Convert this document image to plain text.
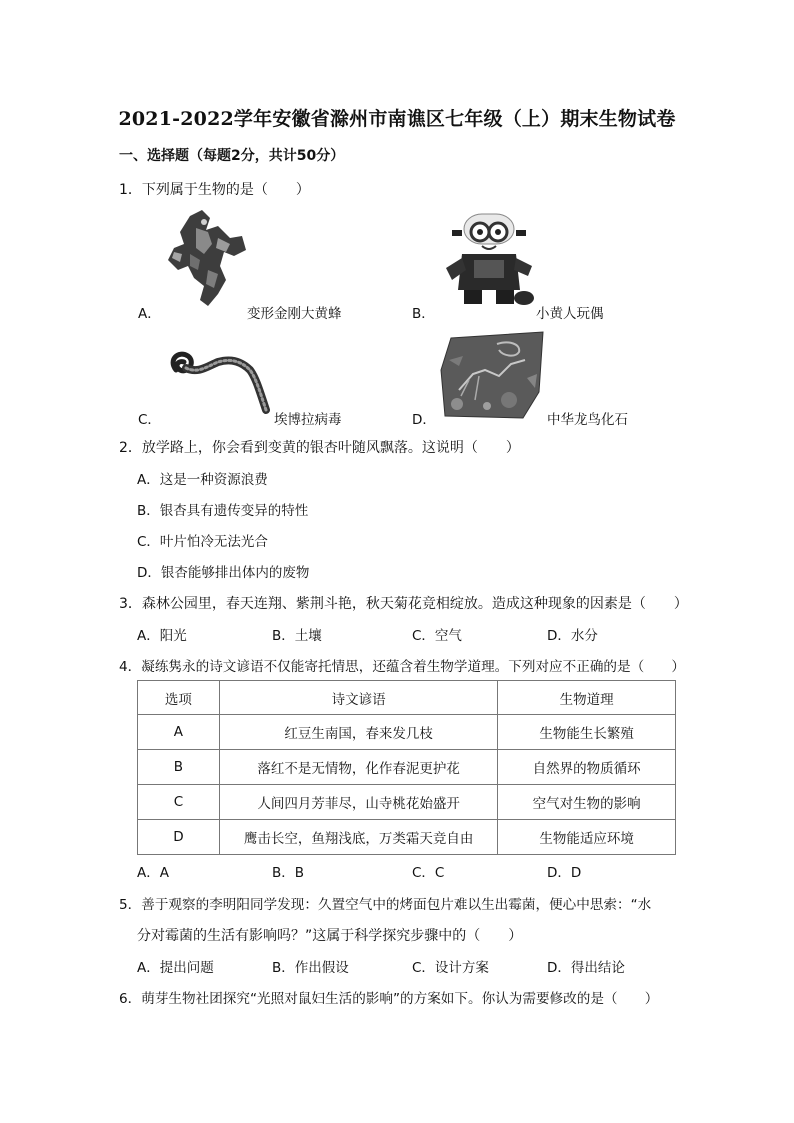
2021-2022学年安徽省滁州市南谯区七年级（上）期末生物试卷
一、选择题（每题2分，共计50分）
1．下列属于生物的是（　　）
A．	变形金刚大黄蜂	B．	小黄人玩偶
C．	埃博拉病毒	D．	中华龙鸟化石
2．放学路上，你会看到变黄的银杏叶随风飘落。这说明（　　）
A．这是一种资源浪费
B．银杏具有遗传变异的特性
C．叶片怕冷无法光合
D．银杏能够排出体内的废物
3．森林公园里，春天连翔、紫荆斗艳，秋天菊花竞相绽放。造成这种现象的因素是（　　）
A．阳光	B．土壤	C．空气	D．水分
4．凝练隽永的诗文谚语不仅能寄托情思，还蕴含着生物学道理。下列对应不正确的是（　　）
选项	诗文谚语	生物道理
A	红豆生南国，春来发几枝	生物能生长繁殖
B	落红不是无情物，化作春泥更护花	自然界的物质循环
C	人间四月芳菲尽，山寺桃花始盛开	空气对生物的影响
D	鹰击长空，鱼翔浅底，万类霜天竞自由	生物能适应环境
A．A	B．B	C．C	D．D
5．善于观察的李明阳同学发现：久置空气中的烤面包片难以生出霉菌，便心中思索：“水
分对霉菌的生活有影响吗？”这属于科学探究步骤中的（　　）
A．提出问题	B．作出假设	C．设计方案	D．得出结论
6．萌芽生物社团探究“光照对鼠妇生活的影响”的方案如下。你认为需要修改的是（　　）
